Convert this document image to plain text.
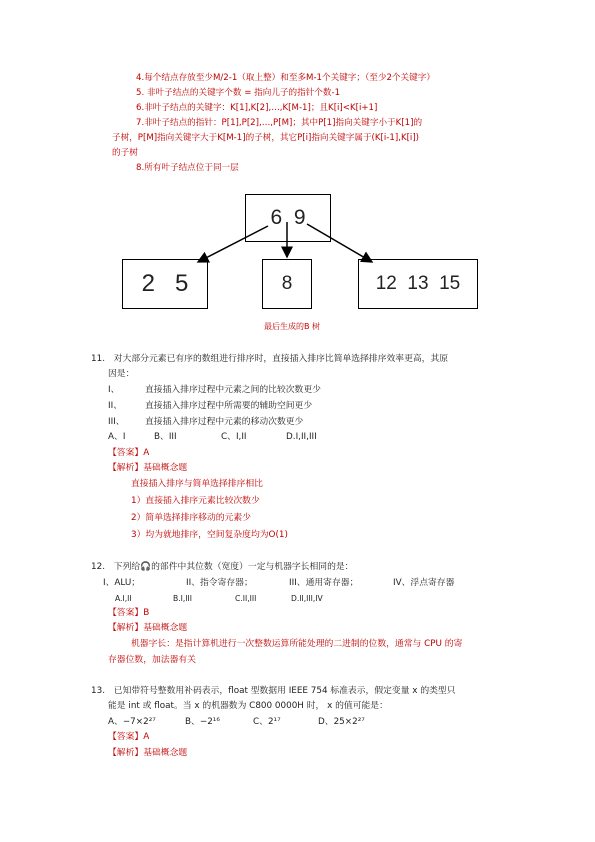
4.每个结点存放至少M/2-1（取上整）和至多M-1个关键字；（至少2个关键字）
5. 非叶子结点的关键字个数 = 指向儿子的指针个数-1
6.非叶子结点的关键字：K[1],K[2],…,K[M-1]；且K[i]<K[i+1]
7.非叶子结点的指针：P[1],P[2],…,P[M]；其中P[1]指向关键字小于K[1]的
子树，P[M]指向关键字大于K[M-1]的子树，其它P[i]指向关键字属于(K[i-1],K[i])
的子树
8.所有叶子结点位于同一层
6  9
2   5	8	12  13  15
最后生成的B 树
11.　对大部分元素已有序的数组进行排序时，直接插入排序比简单选择排序效率更高，其原
因是：
I、	直接插入排序过程中元素之间的比较次数更少
II、	直接插入排序过程中所需要的辅助空间更少
III、 直接插入排序过程中元素的移动次数更少
A、I	B、III	C、I,II	D.I,II,III
【答案】A
【解析】基础概念题
直接插入排序与简单选择排序相比
1）直接插入排序元素比较次数少
2）简单选择排序移动的元素少
3）均为就地排序，空间复杂度均为O(1)
12.　下列给🎧的部件中其位数（宽度）一定与机器字长相同的是：
I、ALU；	II、指令寄存器；	III、通用寄存器；	IV、浮点寄存器
A.I,II	B.I,III	C.II,III	D.II,III,IV
【答案】B
【解析】基础概念题
机器字长：是指计算机进行一次整数运算所能处理的二进制的位数，通常与 CPU 的寄
存器位数，加法器有关
13.　已知带符号整数用补码表示，float 型数据用 IEEE 754 标准表示，假定变量 x 的类型只
能是 int 或 float。当 x 的机器数为 C800 0000H 时， x 的值可能是：
A、−7×2²⁷	B、−2¹⁶	C、2¹⁷	D、25×2²⁷
【答案】A
【解析】基础概念题
